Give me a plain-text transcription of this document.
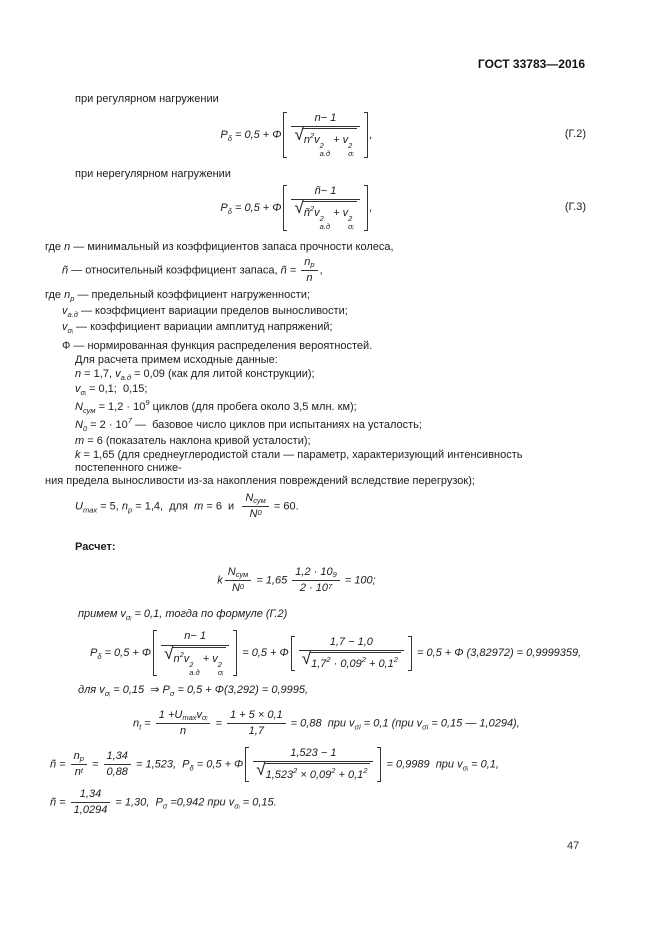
ГОСТ 33783—2016

при регулярном нагружении

$P_\delta = 0,5 + \Phi$
n − 1
√ $n^2v$ 2
а.д
+ v 2
σᵢ
,	(Г.2)

при нерегулярном нагружении

$P_\delta = 0,5 + \Phi$
ñ − 1
√ $ñ^2v$ 2
а.д
+ v 2
σᵢ
,	(Г.3)

где n — минимальный из коэффициентов запаса прочности колеса,

ñ — относительный коэффициент запаса, ñ =
n р
n
,

где $n_р$ — предельный коэффициент нагруженности;

$v_{а.д}$ — коэффициент вариации пределов выносливости;

$v_{\sigma ᵢ}$ — коэффициент вариации амплитуд напряжений;

Ф — нормированная функция распределения вероятностей.

Для расчета примем исходные данные:

n = 1,7, $v_{а.д} = 0,09$ (как для литой конструкции);

$v_{\sigma ᵢ} = 0,1$;  0,15;

$N_{сум} = 1,2 \cdot 10^9$ циклов (для пробега около 3,5 млн. км);

$N_0 = 2 \cdot 10^7$ —  базовое число циклов при испытаниях на усталость;

m = 6 (показатель наклона кривой усталости);

k = 1,65 (для среднеуглеродистой стали — параметр, характеризующий интенсивность постепенного сниже-

ния предела выносливости из-за накопления повреждений вследствие перегрузок);

$U_{max} = 5$, $n_р = 1,4$,  для  m = 6  и
N сум
N 0
= 60.

Расчет:

k
N сум
N 0
= $1,65 \frac{1,2 \cdot 10 9}{2 \cdot 10 7} = 100$;

примем $v_{\sigma ᵢ} = 0,1$, тогда по формуле (Г.2)

$P_\delta = 0,5 + \Phi$
n − 1
√ $n^2v$ 2
а.д
+ v 2
σᵢ
= 0,5 + Φ
1,7 − 1,0
√ $1,7^2 \cdot 0,09^2 + 0,1^2$
= 0,5 + Φ (3,82972) = 0,9999359,

для $v_{\sigma ᵢ} = 0,15$  ⇒ $P_\sigma = 0,5 + \Phi(3,292) = 0,9995$,

$n_t$ =
1 + U max v σᵢ
n
= $\frac{1 + 5 \times 0,1}{1,7} = 0,88$  при $v_{\sigma i} = 0,1$ (при $v_{\sigma i} = 0,15$ — 1,0294),

ñ =
n р
n t
= $\frac{1,34}{0,88} = 1,523$,  $P_\delta = 0,5 + \Phi$
1,523 − 1
√ $1,523^2 \times 0,09^2 + 0,1^2$
= 0,9989  при $v_{\sigma ᵢ} = 0,1$,

ñ = $\frac{1,34}{1,0294} = 1,30$,  $P_\sigma =0,942$ при $v_{\sigma ᵢ} = 0,15$.

47
